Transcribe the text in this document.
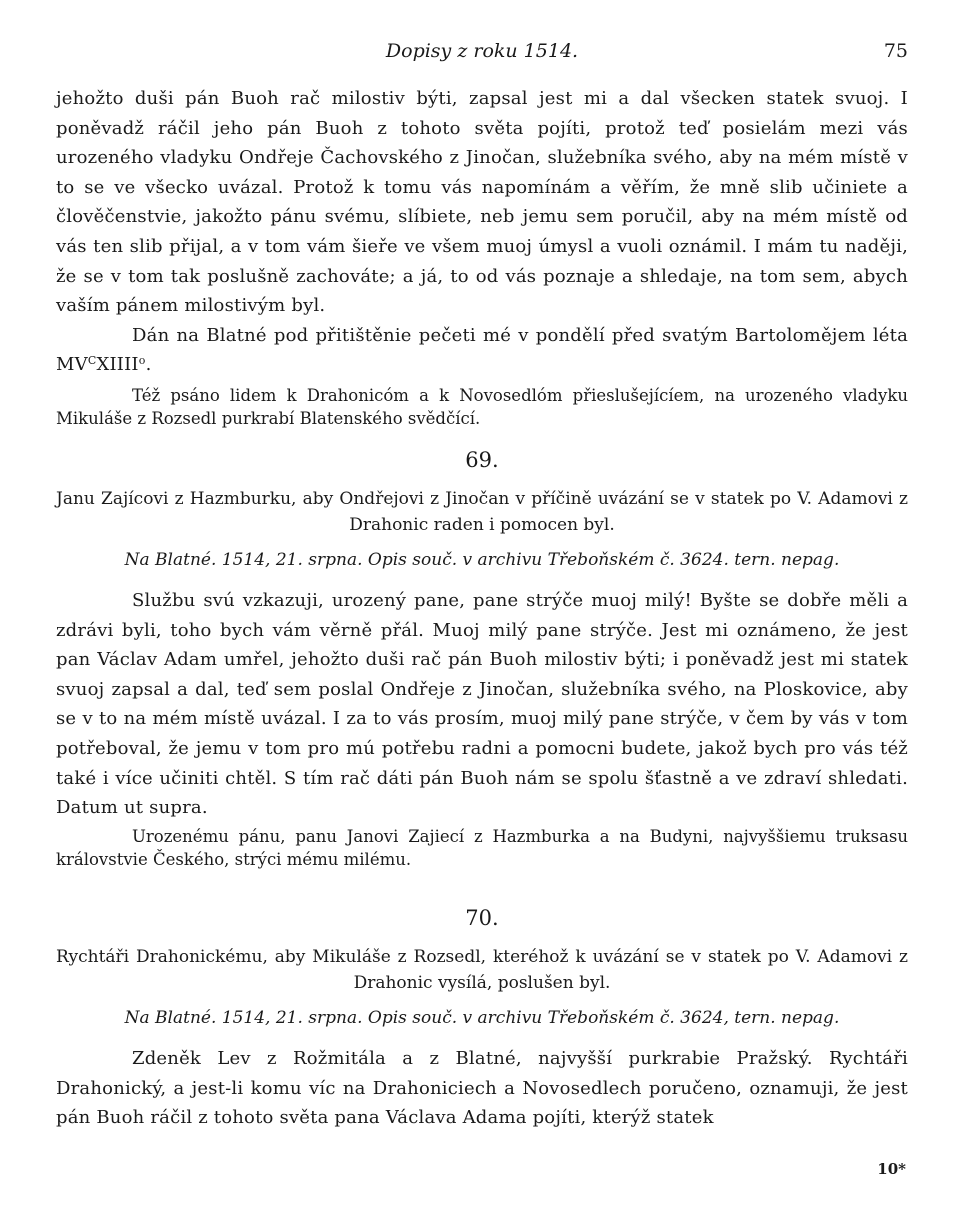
Dopisy z roku 1514.	75

jehožto duši pán Buoh rač milostiv býti, zapsal jest mi a dal všecken statek svuoj. I poněvadž ráčil jeho pán Buoh z tohoto světa pojíti, protož teď posielám mezi vás urozeného vladyku Ondřeje Čachovského z Jinočan, služebníka svého, aby na mém místě v to se ve všecko uvázal. Protož k tomu vás napomínám a věřím, že mně slib učiniete a člověčenstvie, jakožto pánu svému, slíbiete, neb jemu sem poručil, aby na mém místě od vás ten slib přijal, a v tom vám šieře ve všem muoj úmysl a vuoli oznámil. I mám tu naději, že se v tom tak poslušně zachováte; a já, to od vás poznaje a shledaje, na tom sem, abych vaším pánem milostivým byl.

Dán na Blatné pod přitištěnie pečeti mé v pondělí před svatým Bartolomějem léta $MV^CXIIII^o$.

Též psáno lidem k Drahonicóm a k Novosedlóm přieslušejícíem, na urozeného vladyku Mikuláše z Rozsedl purkrabí Blatenského svědčící.

69.

Janu Zajícovi z Hazmburku, aby Ondřejovi z Jinočan v příčině uvázání se v statek po V. Adamovi z Drahonic raden i pomocen byl.

Na Blatné. 1514, 21. srpna. Opis souč. v archivu Třeboňském č. 3624. tern. nepag.

Službu svú vzkazuji, urozený pane, pane strýče muoj milý! Byšte se dobře měli a zdrávi byli, toho bych vám věrně přál. Muoj milý pane strýče. Jest mi oznámeno, že jest pan Václav Adam umřel, jehožto duši rač pán Buoh milostiv býti; i poněvadž jest mi statek svuoj zapsal a dal, teď sem poslal Ondřeje z Jinočan, služebníka svého, na Ploskovice, aby se v to na mém místě uvázal. I za to vás prosím, muoj milý pane strýče, v čem by vás v tom potřeboval, že jemu v tom pro mú potřebu radni a pomocni budete, jakož bych pro vás též také i více učiniti chtěl. S tím rač dáti pán Buoh nám se spolu šťastně a ve zdraví shledati. Datum ut supra.

Urozenému pánu, panu Janovi Zajiecí z Hazmburka a na Budyni, najvyššiemu truksasu královstvie Českého, strýci mému milému.

70.

Rychtáři Drahonickému, aby Mikuláše z Rozsedl, kteréhož k uvázání se v statek po V. Adamovi z Drahonic vysílá, poslušen byl.

Na Blatné. 1514, 21. srpna. Opis souč. v archivu Třeboňském č. 3624, tern. nepag.

Zdeněk Lev z Rožmitála a z Blatné, najvyšší purkrabie Pražský. Rychtáři Drahonický, a jest-li komu víc na Drahoniciech a Novosedlech poručeno, oznamuji, že jest pán Buoh ráčil z tohoto světa pana Václava Adama pojíti, kterýž statek

10*
